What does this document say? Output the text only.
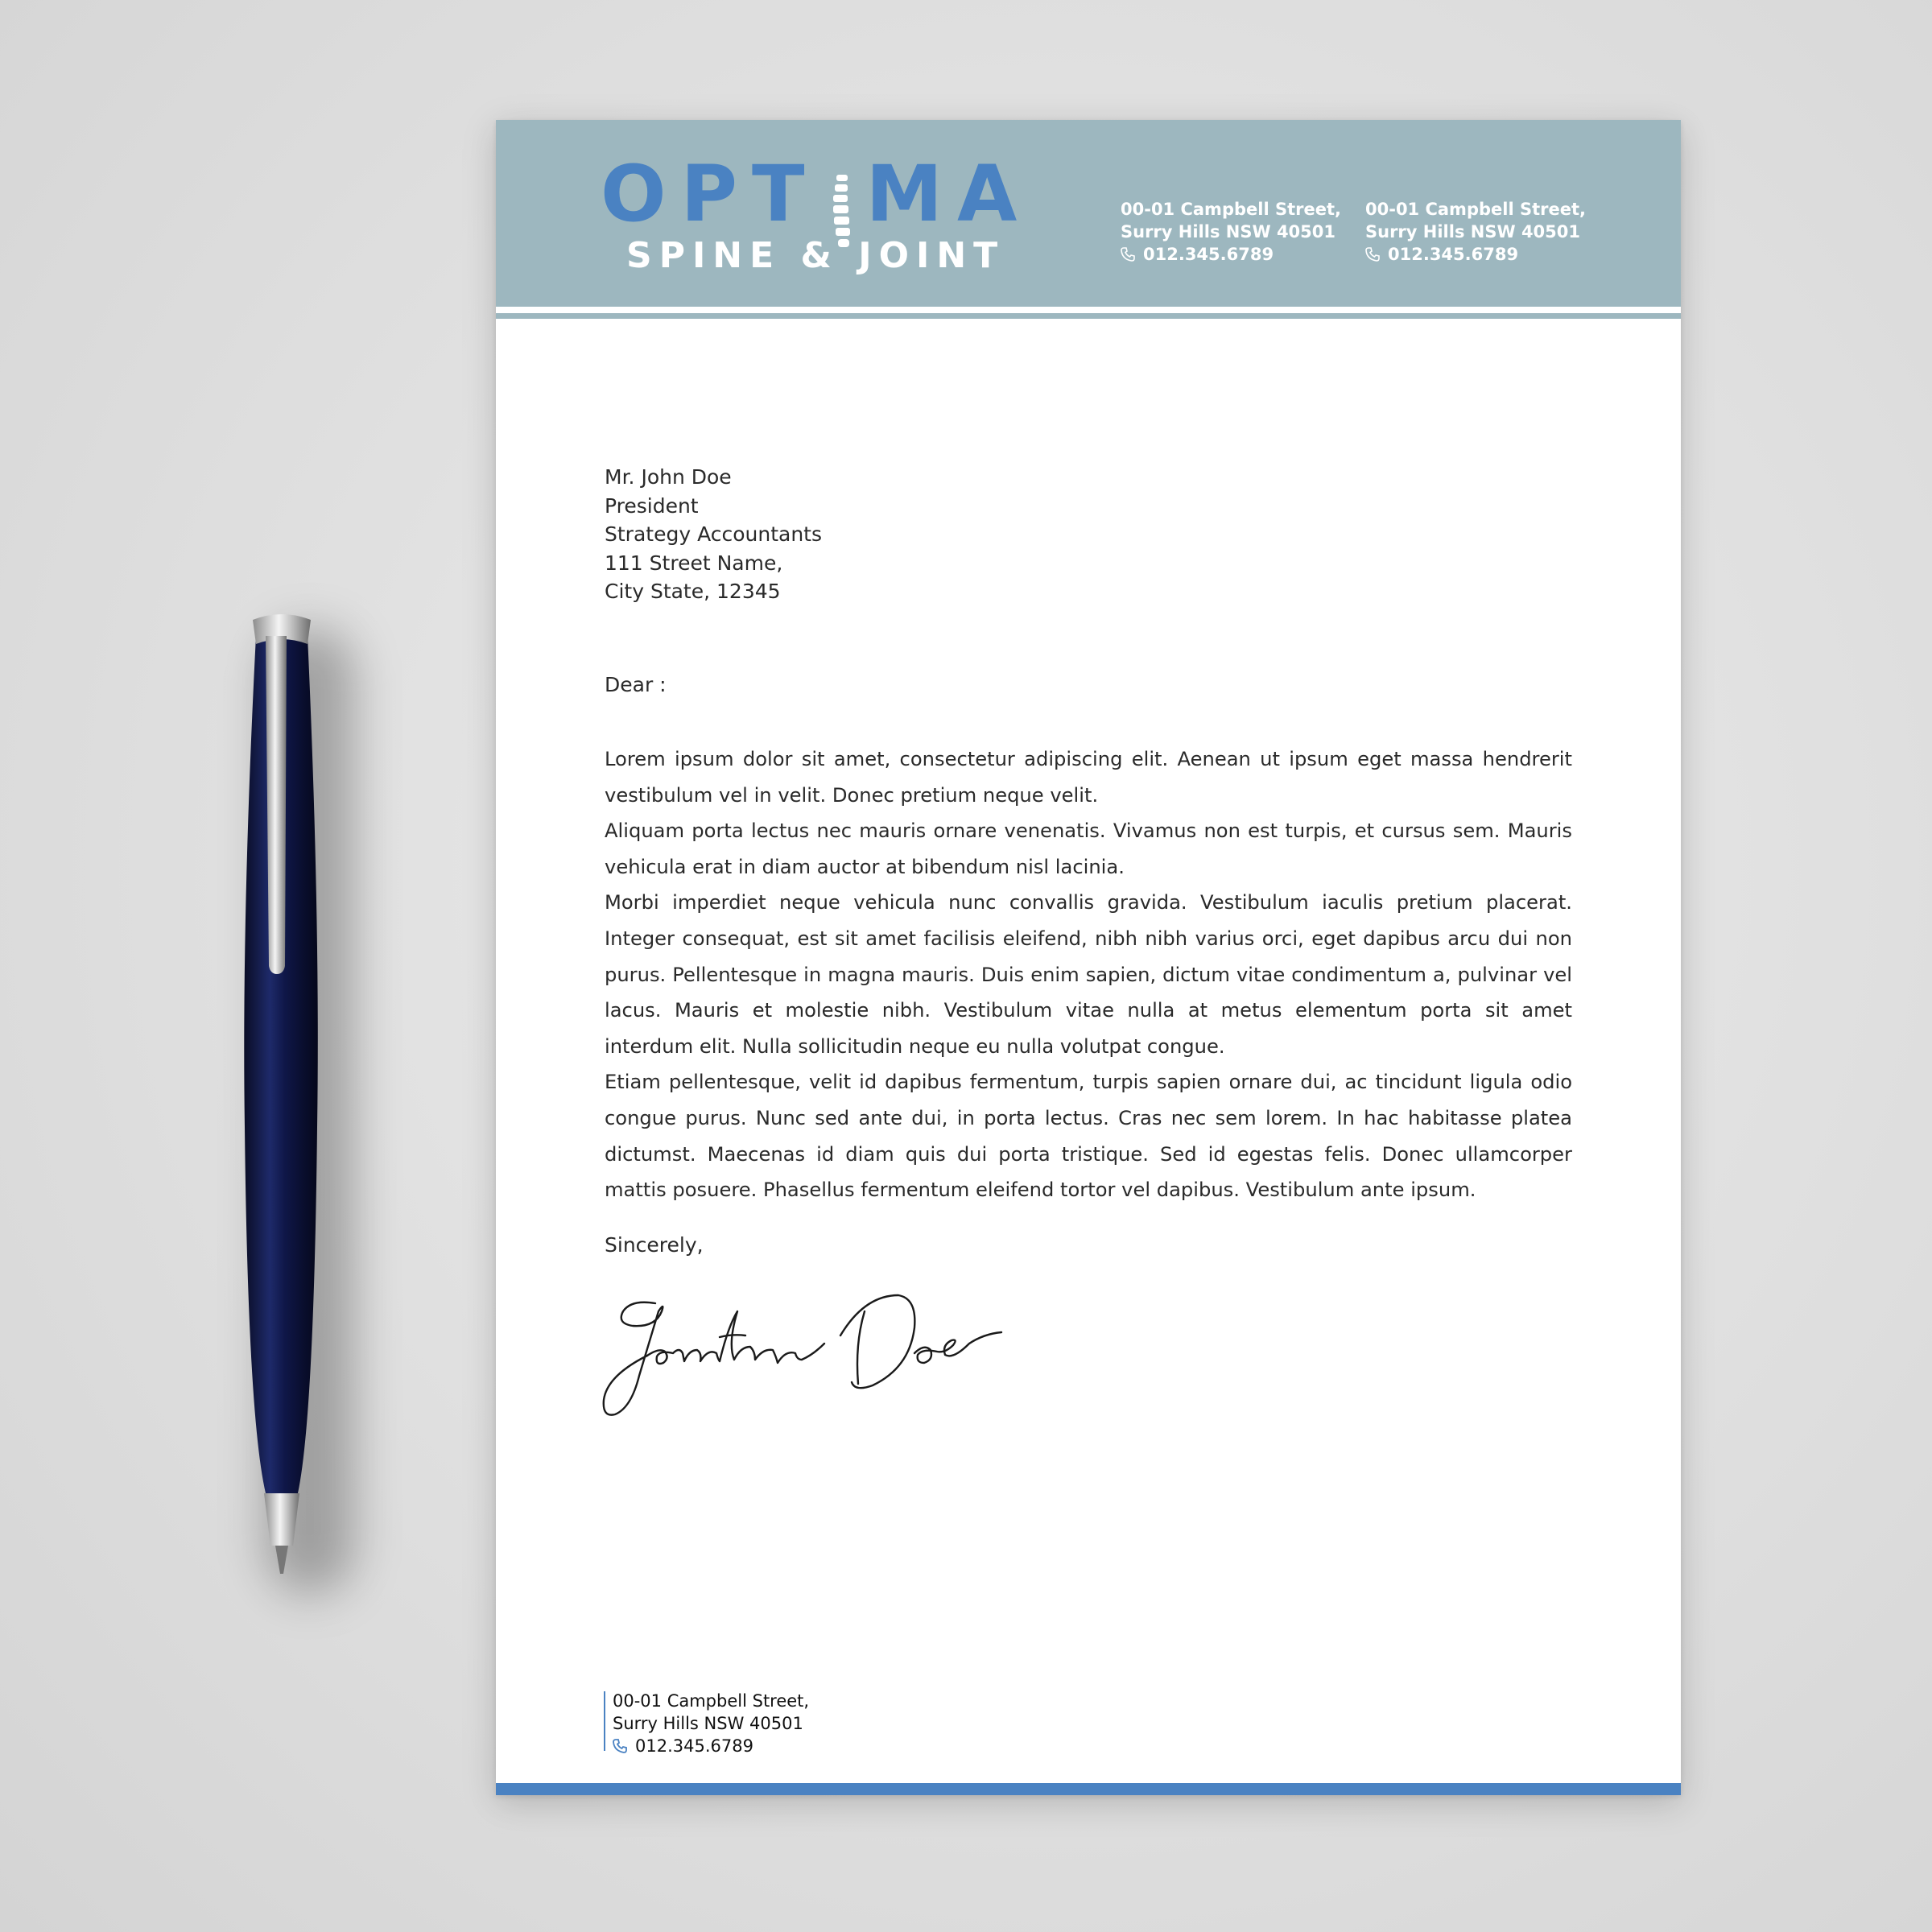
OPT MA
SPINE & JOINT
00-01 Campbell Street,
Surry Hills NSW 40501
012.345.6789
00-01 Campbell Street,
Surry Hills NSW 40501
012.345.6789
Mr. John Doe
President
Strategy Accountants
111 Street Name,
City State, 12345
Dear :

Lorem ipsum dolor sit amet, consectetur adipiscing elit. Aenean ut ipsum eget massa hendrerit vestibulum vel in velit. Donec pretium neque velit.

Aliquam porta lectus nec mauris ornare venenatis. Vivamus non est turpis, et cursus sem. Mauris vehicula erat in diam auctor at bibendum nisl lacinia.

Morbi imperdiet neque vehicula nunc convallis gravida. Vestibulum iaculis pretium placerat. Integer consequat, est sit amet facilisis eleifend, nibh nibh varius orci, eget dapibus arcu dui non purus. Pellentesque in magna mauris. Duis enim sapien, dictum vitae condimentum a, pulvinar vel lacus. Mauris et molestie nibh. Vestibulum vitae nulla at metus elementum porta sit amet interdum elit. Nulla sollicitudin neque eu nulla volutpat congue.

Etiam pellentesque, velit id dapibus fermentum, turpis sapien ornare dui, ac tincidunt ligula odio congue purus. Nunc sed ante dui, in porta lectus. Cras nec sem lorem. In hac habitasse platea dictumst. Maecenas id diam quis dui porta tristique. Sed id egestas felis. Donec ullamcorper mattis posuere. Phasellus fermentum eleifend tortor vel dapibus. Vestibulum ante ipsum.

Sincerely,
00-01 Campbell Street,
Surry Hills NSW 40501
012.345.6789
